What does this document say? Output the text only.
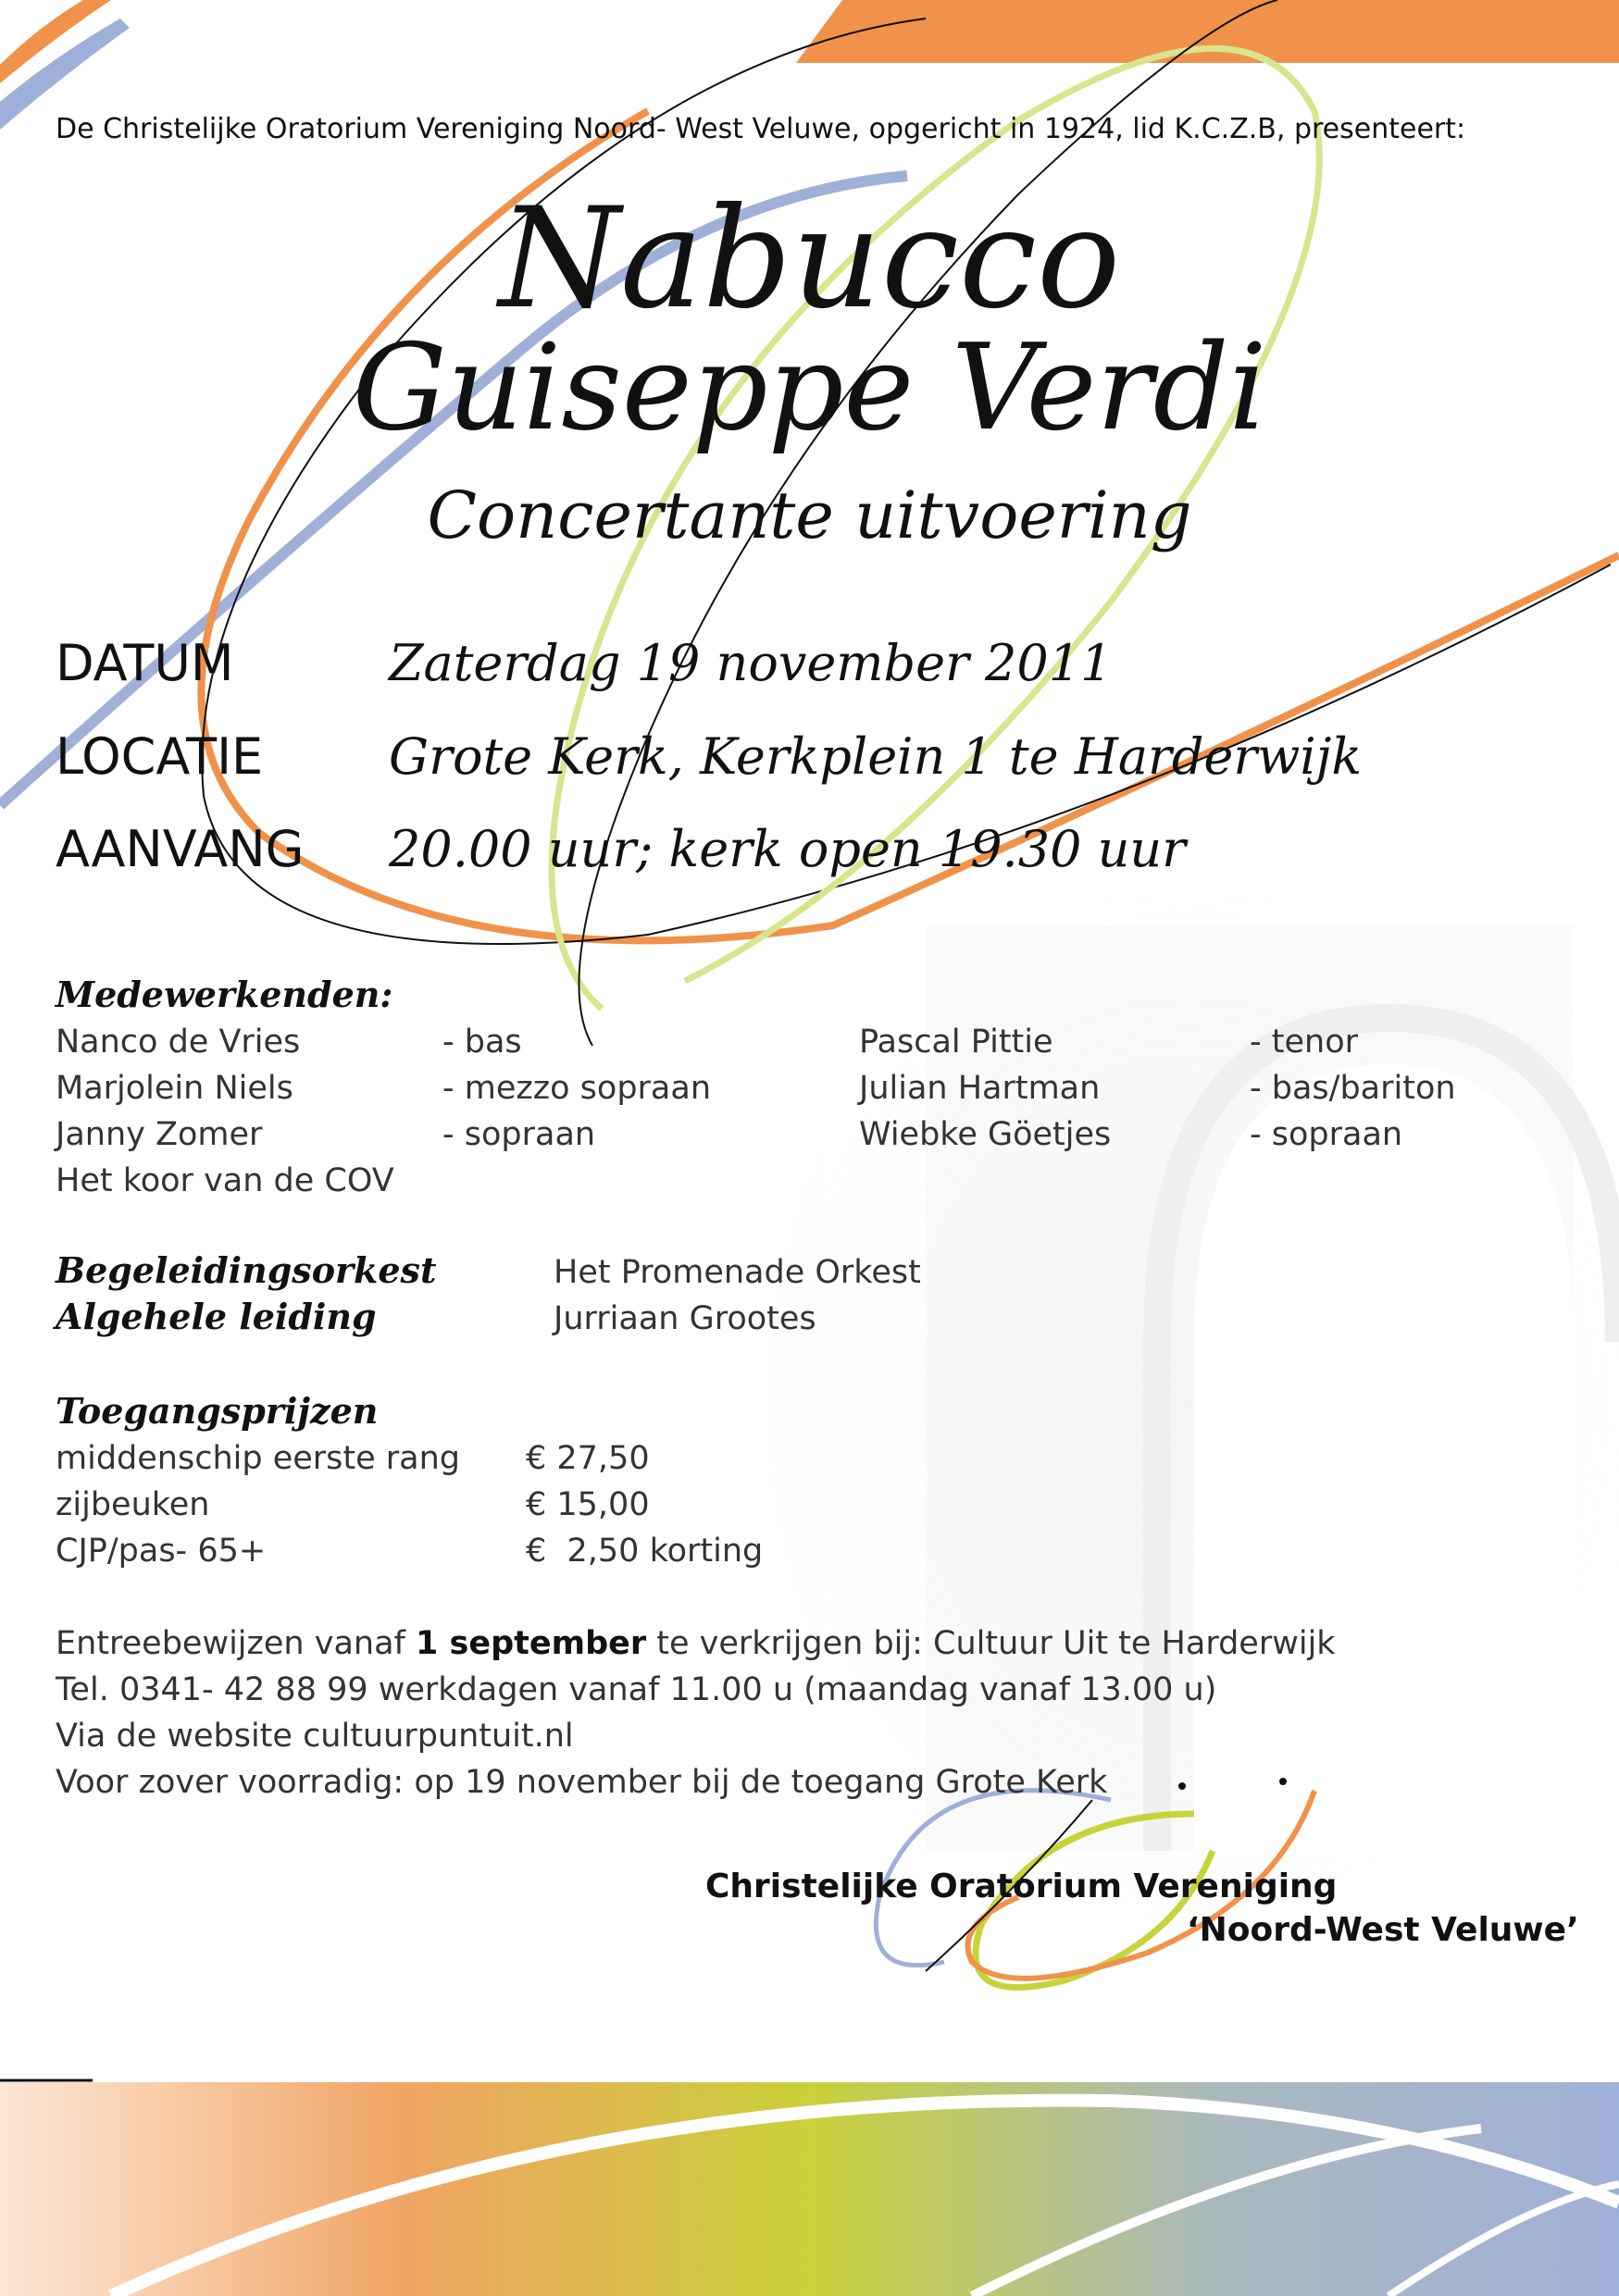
De Christelijke Oratorium Vereniging Noord- West Veluwe, opgericht in 1924, lid K.C.Z.B, presenteert:
Nabucco
Guiseppe Verdi
Concertante uitvoering
DATUM	Zaterdag 19 november 2011
LOCATIE	Grote Kerk, Kerkplein 1 te Harderwijk
AANVANG 20.00 uur; kerk open 19.30 uur
Medewerkenden:
Nanco de Vries	- bas	Pascal Pittie	- tenor
Marjolein Niels	- mezzo sopraan	Julian Hartman	- bas/bariton
Janny Zomer	- sopraan	Wiebke Göetjes	- sopraan
Het koor van de COV
Begeleidingsorkest	Het Promenade Orkest
Algehele leiding	Jurriaan Grootes
Toegangsprijzen
middenschip eerste rang € 27,50
zijbeuken	€ 15,00
CJP/pas- 65+	€  2,50 korting
Entreebewijzen vanaf 1 september te verkrijgen bij: Cultuur Uit te Harderwijk
Tel. 0341- 42 88 99 werkdagen vanaf 11.00 u (maandag vanaf 13.00 u)
Via de website cultuurpuntuit.nl
Voor zover voorradig: op 19 november bij de toegang Grote Kerk
Christelijke Oratorium Vereniging
‘Noord-West Veluwe’
